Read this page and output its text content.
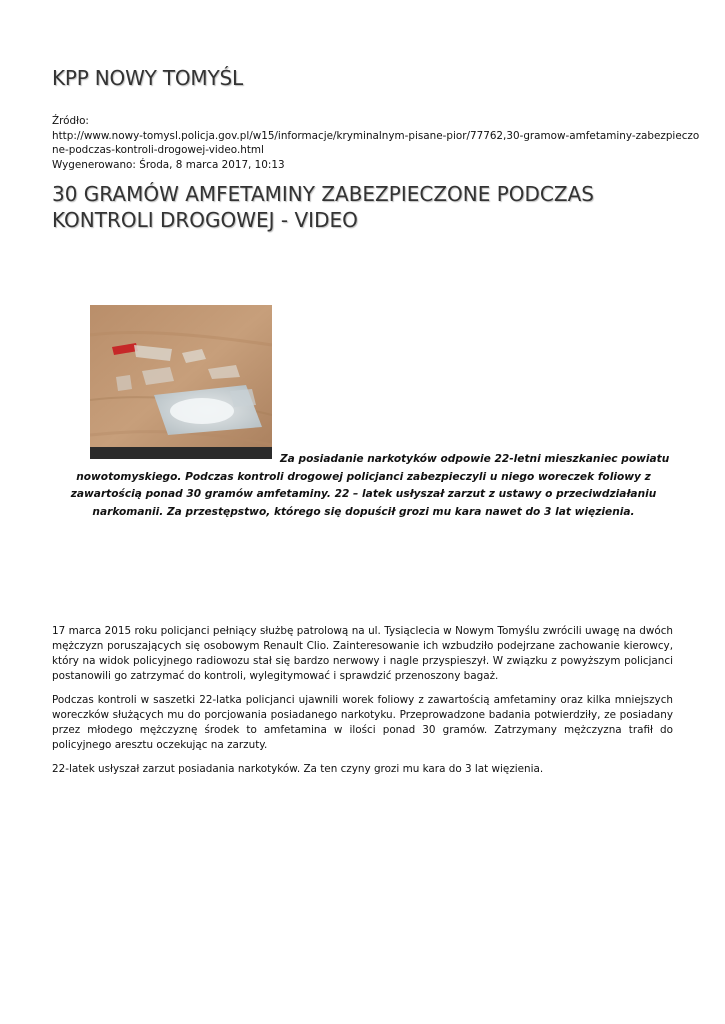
KPP NOWY TOMYŚL
Źródło:
http://www.nowy-tomysl.policja.gov.pl/w15/informacje/kryminalnym-pisane-pior/77762,30-gramow-amfetaminy-zabezpieczo
ne-podczas-kontroli-drogowej-video.html
Wygenerowano: Środa, 8 marca 2017, 10:13
30 GRAMÓW AMFETAMINY ZABEZPIECZONE PODCZAS KONTROLI DROGOWEJ - VIDEO
Za posiadanie narkotyków odpowie 22-letni mieszkaniec powiatu
nowotomyskiego. Podczas kontroli drogowej policjanci zabezpieczyli u niego woreczek foliowy z zawartością ponad 30 gramów amfetaminy. 22 – latek usłyszał zarzut z ustawy o przeciwdziałaniu narkomanii. Za przestępstwo, którego się dopuścił grozi mu kara nawet do 3 lat więzienia.

17 marca 2015 roku policjanci pełniący służbę patrolową na ul. Tysiąclecia w Nowym Tomyślu zwrócili uwagę na dwóch mężczyzn poruszających się osobowym Renault Clio. Zainteresowanie ich wzbudziło podejrzane zachowanie kierowcy, który na widok policyjnego radiowozu stał się bardzo nerwowy i nagle przyspieszył. W związku z powyższym policjanci postanowili go zatrzymać do kontroli, wylegitymować i sprawdzić przenoszony bagaż.

Podczas kontroli w saszetki 22-latka policjanci ujawnili worek foliowy z zawartością amfetaminy oraz kilka mniejszych woreczków służących mu do porcjowania posiadanego narkotyku. Przeprowadzone badania potwierdziły, ze posiadany przez młodego mężczyznę środek to amfetamina w ilości ponad 30 gramów. Zatrzymany mężczyzna trafił do policyjnego aresztu oczekując na zarzuty.

22-latek usłyszał zarzut posiadania narkotyków. Za ten czyny grozi mu kara do 3 lat więzienia.
